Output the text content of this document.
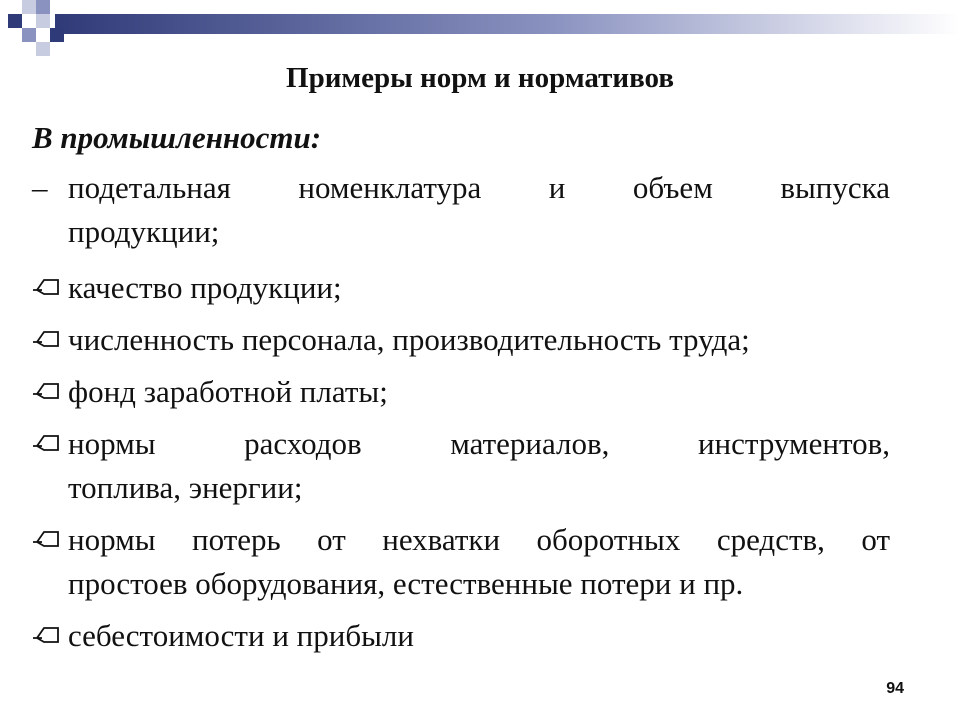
Примеры норм и нормативов
В промышленности:
– подетальная номенклатура и объем выпуска
продукции;
качество продукции;
численность персонала, производительность труда;
фонд заработной платы;
нормы расходов материалов, инструментов,
топлива, энергии;
нормы потерь от нехватки оборотных средств, от
простоев оборудования, естественные потери и пр.
себестоимости и прибыли
94
